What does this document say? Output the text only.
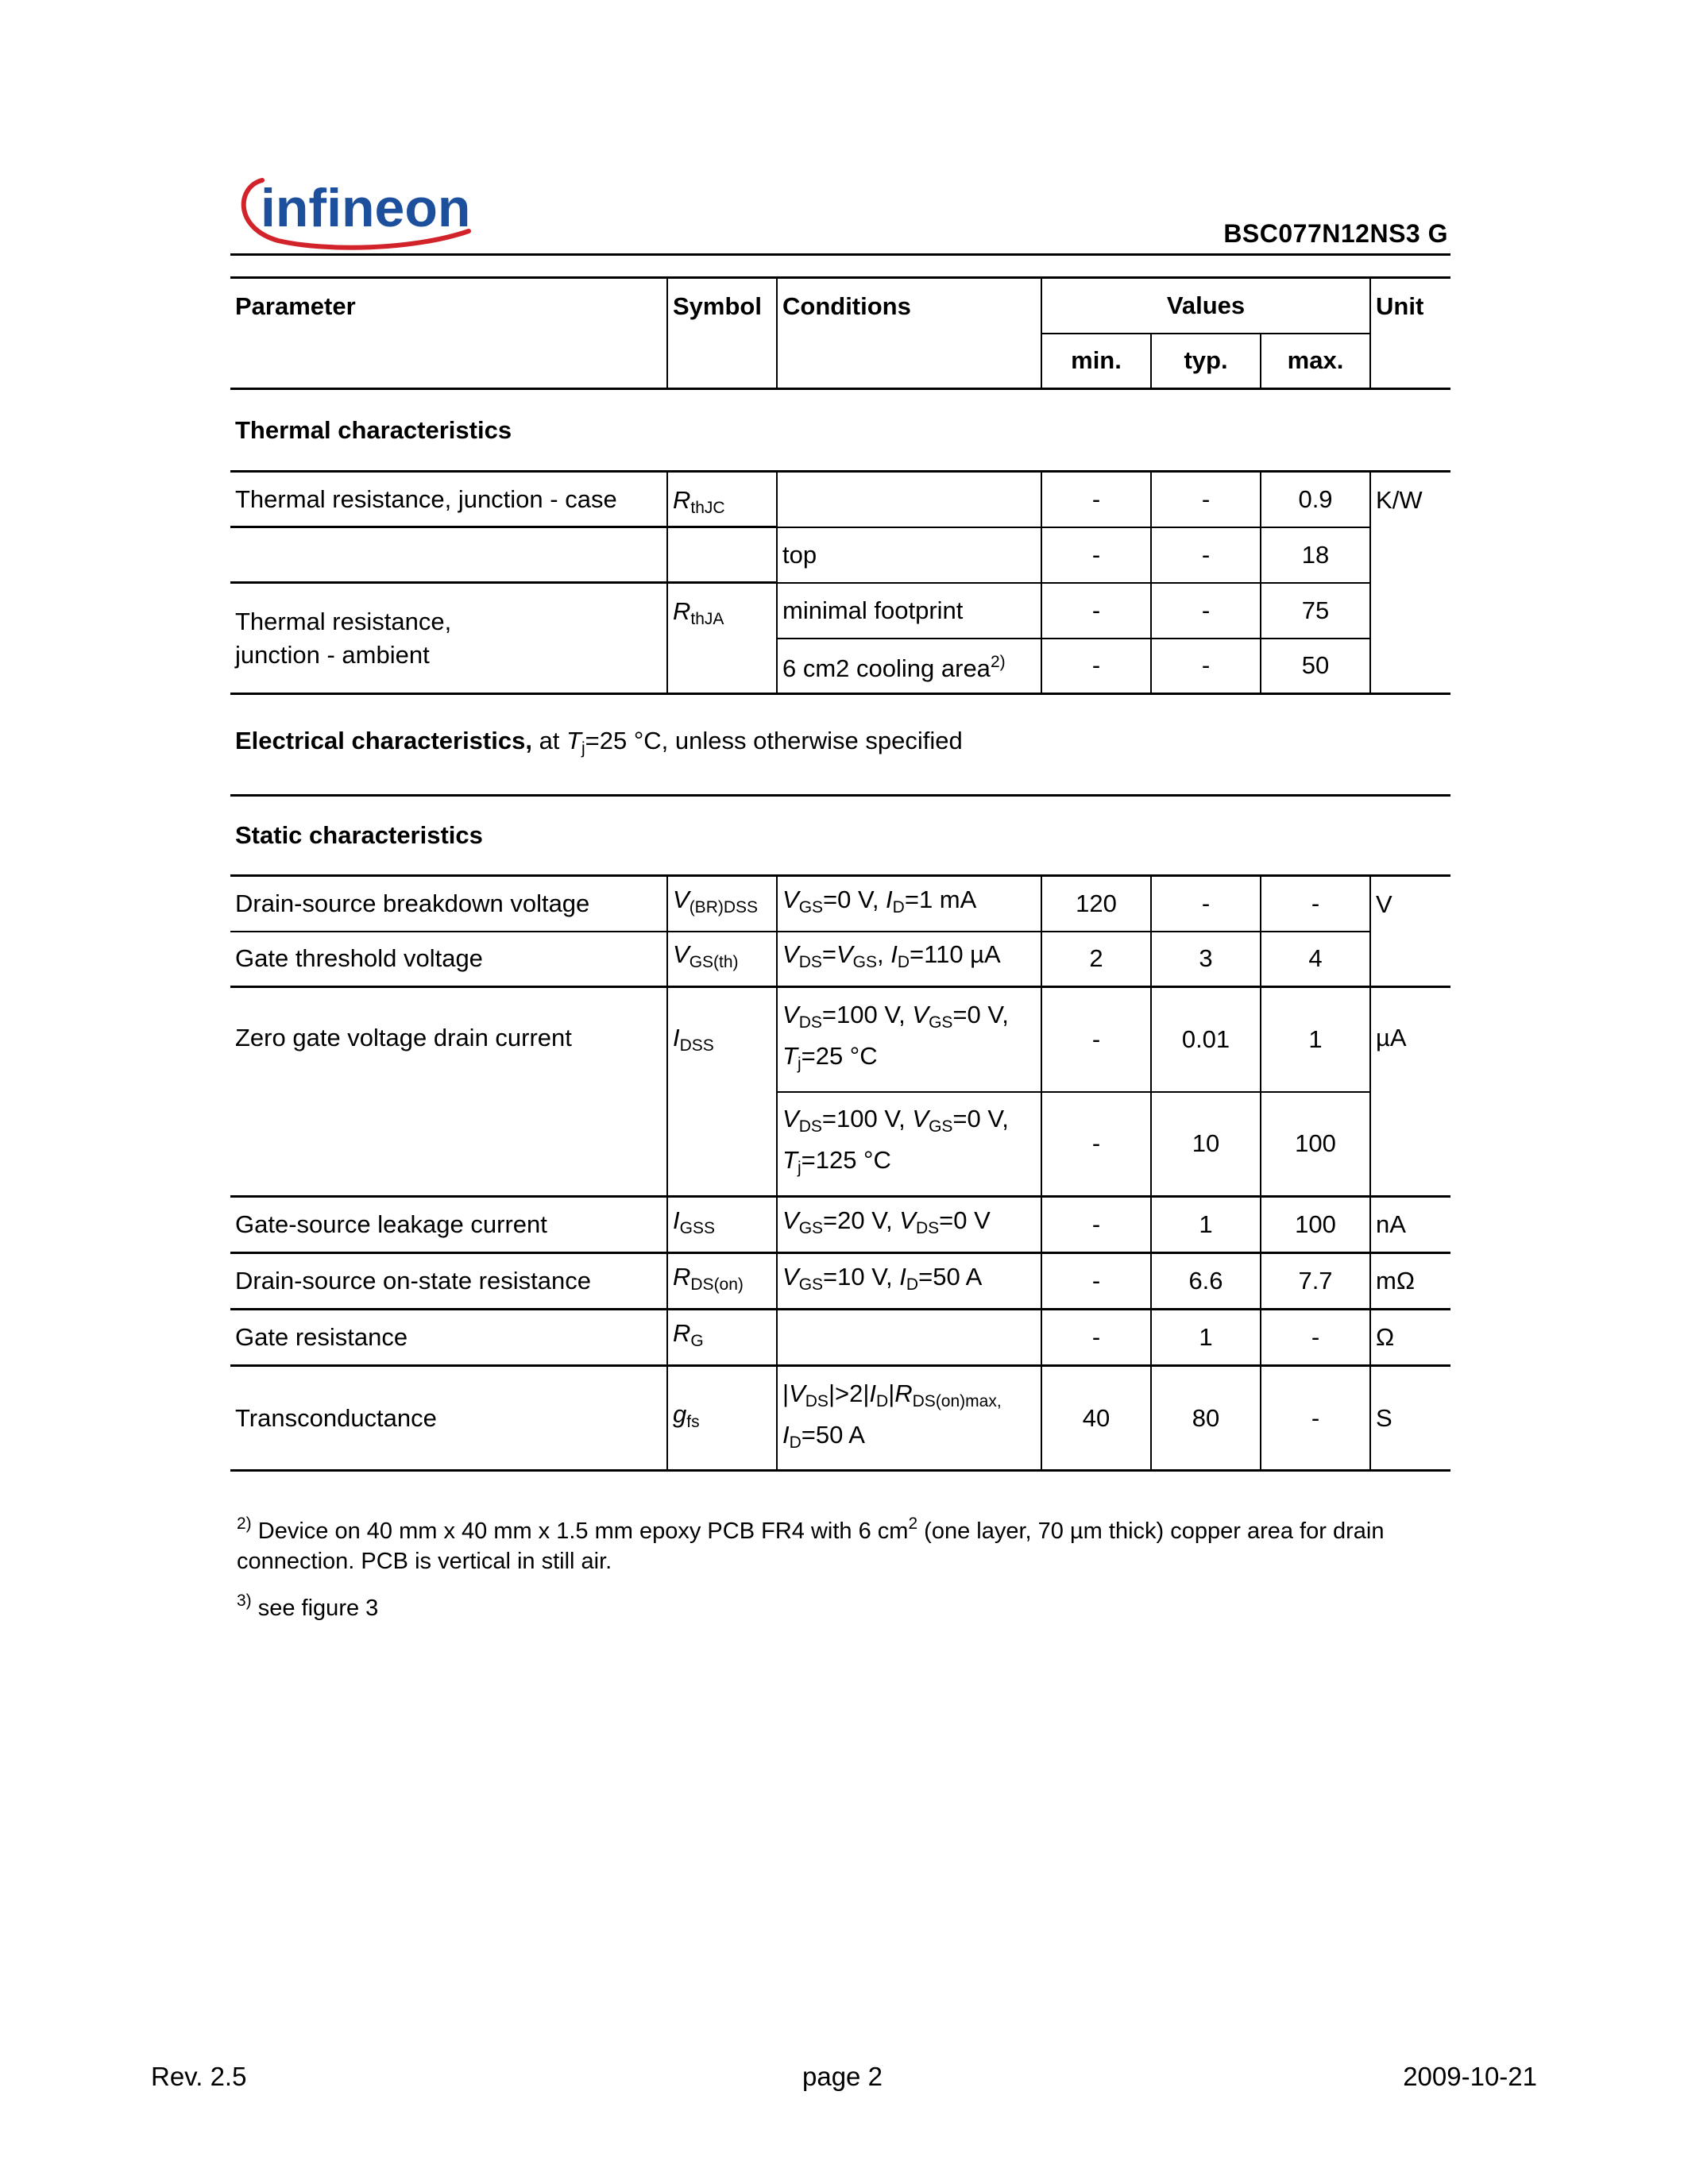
infineon	BSC077N12NS3 G
Parameter	Symbol	Conditions	Values			Unit
			min.	typ.	max.	
Thermal characteristics						
Thermal resistance, junction - case	$R_{thJC}$		-	-	0.9	K/W
		top	-	-	18	
Thermal resistance,
junction - ambient	$R_{thJA}$	minimal footprint	-	-	75	
		6 cm2 cooling area$^{2)}$	-	-	50	
Electrical characteristics, at $T_j=25$ °C, unless otherwise specified						
Static characteristics						
Drain-source breakdown voltage	$V_{(BR)DSS}$	$V_{GS}=0$ V, $I_D=1$ mA	120	-	-	V
Gate threshold voltage	$V_{GS(th)}$	$V_{DS}=V_{GS}$, $I_D=110$ µA	2	3	4	
Zero gate voltage drain current	$I_{DSS}$	$V_{DS}=100$ V, $V_{GS}=0$ V,
$T_j=25$ °C	-	0.01	1	µA
		$V_{DS}=100$ V, $V_{GS}=0$ V,
$T_j=125$ °C	-	10	100	
Gate-source leakage current	$I_{GSS}$	$V_{GS}=20$ V, $V_{DS}=0$ V	-	1	100	nA
Drain-source on-state resistance	$R_{DS(on)}$	$V_{GS}=10$ V, $I_D=50$ A	-	6.6	7.7	mΩ
Gate resistance	$R_G$		-	1	-	Ω
Transconductance	$g_{fs}$	$|V_{DS}|>2|I_D|R_{DS(on)max,}$
$I_D=50$ A	40	80	-	S

$^{2)}$ Device on 40 mm x 40 mm x 1.5 mm epoxy PCB FR4 with 6 $cm^2$ (one layer, 70 µm thick) copper area for drain connection. PCB is vertical in still air.

$^{3)}$ see figure 3

Rev. 2.5	page 2	2009-10-21
